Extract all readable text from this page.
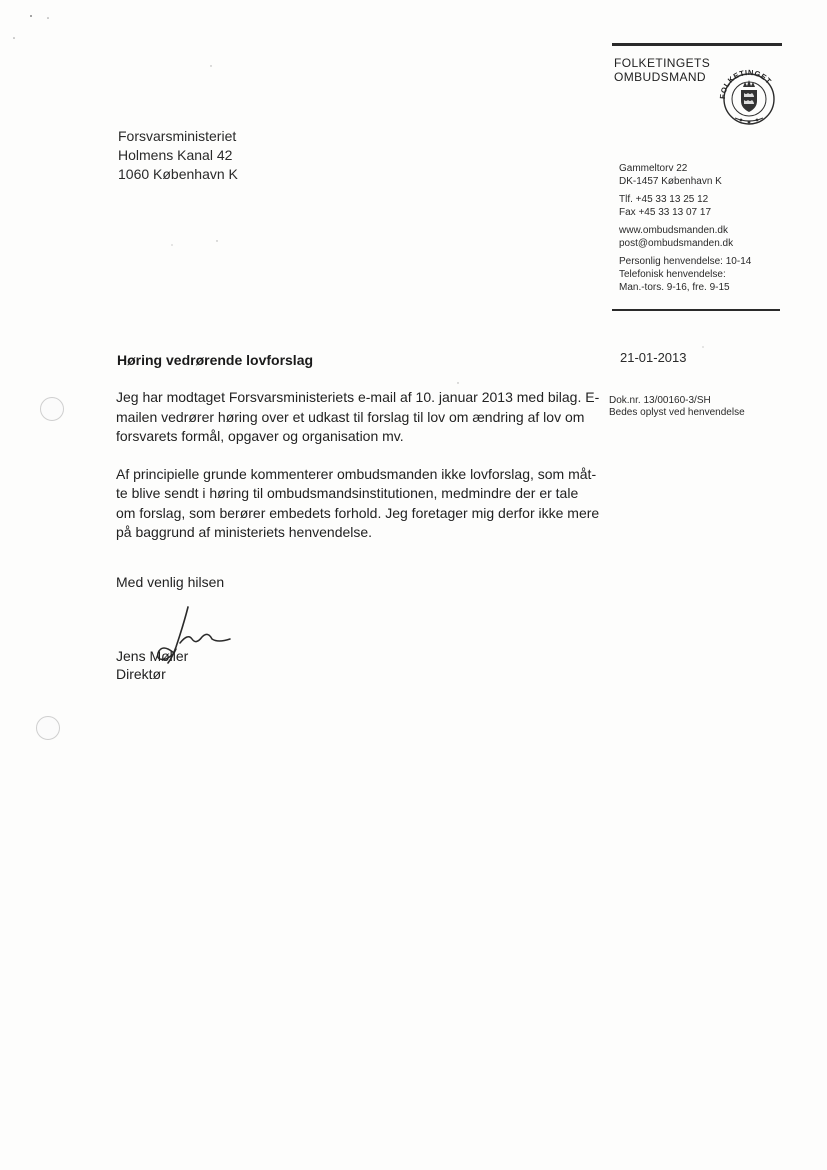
FOLKETINGETS
OMBUDSMAND
FOLKETINGET
Forsvarsministeriet
Holmens Kanal 42
1060 København K	Gammeltorv 22
DK-1457 København K
Tlf. +45 33 13 25 12
Fax +45 33 13 07 17
www.ombudsmanden.dk
post@ombudsmanden.dk
Personlig henvendelse: 10-14
Telefonisk henvendelse:
Man.-tors. 9-16, fre. 9-15
Høring vedrørende lovforslag	21-01-2013
Dok.nr. 13/00160-3/SH
Bedes oplyst ved henvendelse
Jeg har modtaget Forsvarsministeriets e-mail af 10. januar 2013 med bilag. E-
mailen vedrører høring over et udkast til forslag til lov om ændring af lov om
forsvarets formål, opgaver og organisation mv.
Af principielle grunde kommenterer ombudsmanden ikke lovforslag, som måt-
te blive sendt i høring til ombudsmandsinstitutionen, medmindre der er tale
om forslag, som berører embedets forhold. Jeg foretager mig derfor ikke mere
på baggrund af ministeriets henvendelse.
Med venlig hilsen
Jens Møller
Direktør
